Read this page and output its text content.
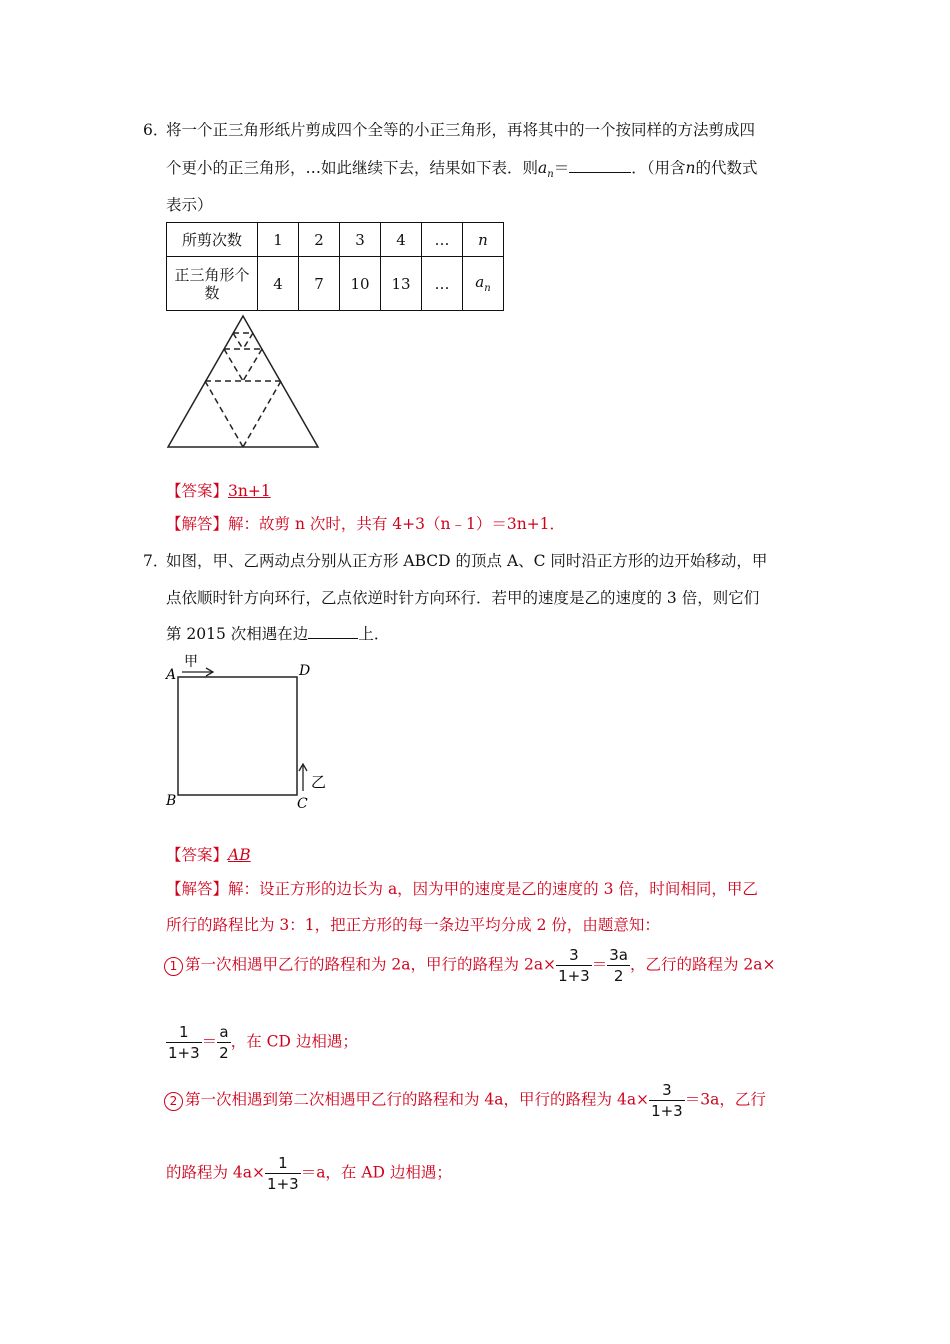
6．
将一个正三角形纸片剪成四个全等的小正三角形，再将其中的一个按同样的方法剪成四
个更小的正三角形，…如此继续下去，结果如下表．则$a_n=$	．（用含n的代数式
表示）
所剪次数	1	2	3	4	…	n
正三角形个
数	4	7	10	13	…	$a_n$
【答案】3n+1
【解答】解：故剪 n 次时，共有 4+3（n﹣1）＝3n+1．
7．
如图，甲、乙两动点分别从正方形 ABCD 的顶点 A、C 同时沿正方形的边开始移动，甲
点依顺时针方向环行，乙点依逆时针方向环行．若甲的速度是乙的速度的 3 倍，则它们
第 2015 次相遇在边	上．
A
B	C
D
甲
乙
【答案】AB
【解答】解：设正方形的边长为 a，因为甲的速度是乙的速度的 3 倍，时间相同，甲乙
所行的路程比为 3：1，把正方形的每一条边平均分成 2 份，由题意知：
1 第一次相遇甲乙行的路程和为 2a，甲行的路程为 $2a\times \frac{3}{1+3} = \frac{3a}{2}$ ，乙行的路程为 2a×
$\frac{1}{1+3} = \frac{a}{2}$ ，在 CD 边相遇；
2 第一次相遇到第二次相遇甲乙行的路程和为 4a，甲行的路程为 $4a\times \frac{3}{1+3} =3a$，乙行
的路程为 $4a\times \frac{1}{1+3} =a$，在 AD 边相遇；
